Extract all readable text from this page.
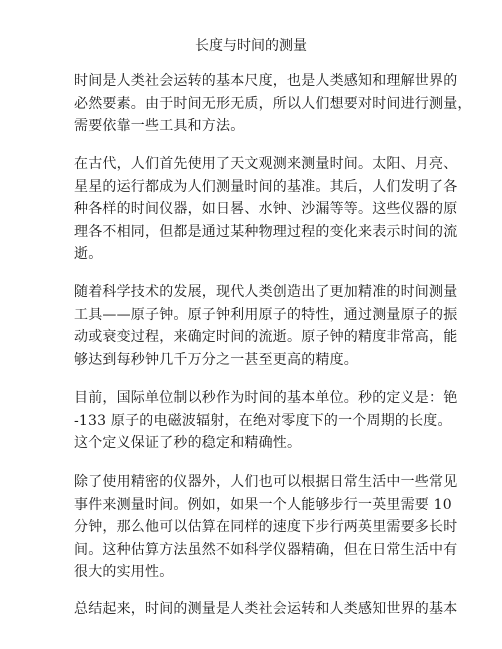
长度与时间的测量

时间是人类社会运转的基本尺度，也是人类感知和理解世界的
必然要素。由于时间无形无质，所以人们想要对时间进行测量，
需要依靠一些工具和方法。

在古代，人们首先使用了天文观测来测量时间。太阳、月亮、
星星的运行都成为人们测量时间的基准。其后，人们发明了各
种各样的时间仪器，如日晷、水钟、沙漏等等。这些仪器的原
理各不相同，但都是通过某种物理过程的变化来表示时间的流
逝。

随着科学技术的发展，现代人类创造出了更加精准的时间测量
工具——原子钟。原子钟利用原子的特性，通过测量原子的振
动或衰变过程，来确定时间的流逝。原子钟的精度非常高，能
够达到每秒钟几千万分之一甚至更高的精度。

目前，国际单位制以秒作为时间的基本单位。秒的定义是：铯
-133 原子的电磁波辐射，在绝对零度下的一个周期的长度。
这个定义保证了秒的稳定和精确性。

除了使用精密的仪器外，人们也可以根据日常生活中一些常见
事件来测量时间。例如，如果一个人能够步行一英里需要 10
分钟，那么他可以估算在同样的速度下步行两英里需要多长时
间。这种估算方法虽然不如科学仪器精确，但在日常生活中有
很大的实用性。

总结起来，时间的测量是人类社会运转和人类感知世界的基本
